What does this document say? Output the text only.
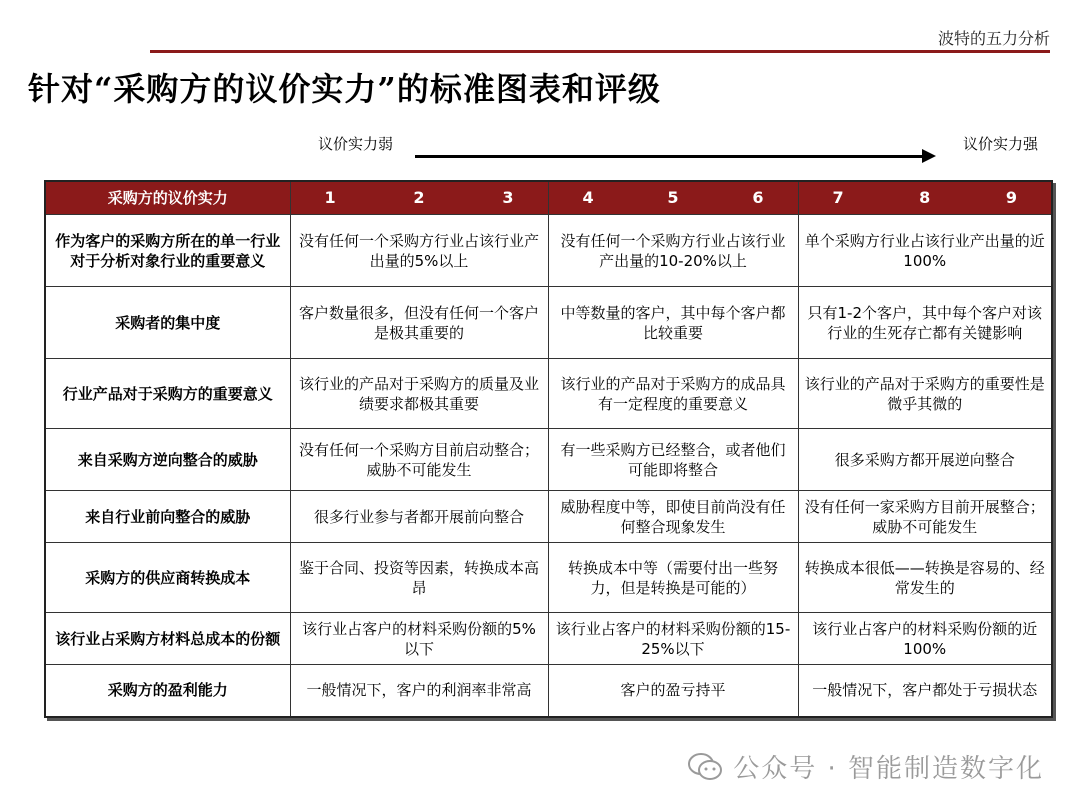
波特的五力分析
针对“采购方的议价实力”的标准图表和评级
议价实力弱	议价实力强
采购方的议价实力	1 2 3	4 5 6	7 8 9

作为客户的采购方所在的单一行业对于分析对象行业的重要意义	没有任何一个采购方行业占该行业产出量的5%以上	没有任何一个采购方行业占该行业产出量的10-20%以上	单个采购方行业占该行业产出量的近100%
采购者的集中度	客户数量很多，但没有任何一个客户是极其重要的	中等数量的客户，其中每个客户都比较重要	只有1-2个客户，其中每个客户对该行业的生死存亡都有关键影响
行业产品对于采购方的重要意义	该行业的产品对于采购方的质量及业绩要求都极其重要	该行业的产品对于采购方的成品具有一定程度的重要意义	该行业的产品对于采购方的重要性是微乎其微的
来自采购方逆向整合的威胁	没有任何一个采购方目前启动整合；威胁不可能发生	有一些采购方已经整合，或者他们可能即将整合	很多采购方都开展逆向整合
来自行业前向整合的威胁	很多行业参与者都开展前向整合	威胁程度中等，即使目前尚没有任何整合现象发生	没有任何一家采购方目前开展整合；威胁不可能发生
采购方的供应商转换成本	鉴于合同、投资等因素，转换成本高昂	转换成本中等（需要付出一些努力，但是转换是可能的）	转换成本很低——转换是容易的、经常发生的
该行业占采购方材料总成本的份额	该行业占客户的材料采购份额的5%以下	该行业占客户的材料采购份额的15-25%以下	该行业占客户的材料采购份额的近100%
采购方的盈利能力	一般情况下，客户的利润率非常高	客户的盈亏持平	一般情况下，客户都处于亏损状态
公众号 · 智能制造数字化
